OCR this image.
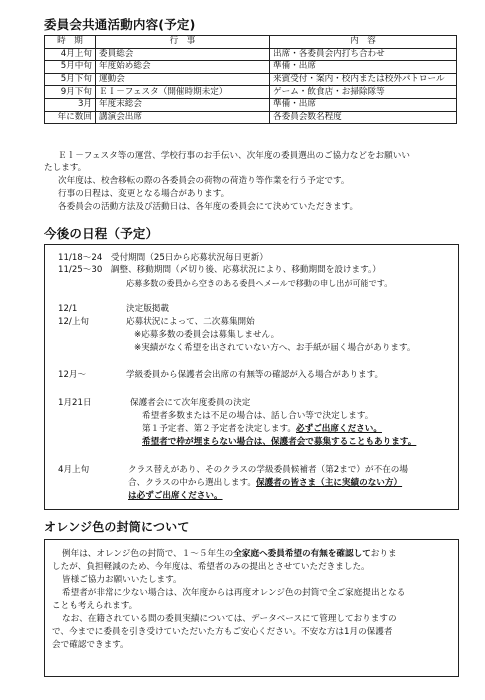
委員会共通活動内容(予定)
時　期	行　事	内　容
4月上旬	委員総会	出席・各委員会内打ち合わせ
5月中旬	年度始め総会	準備・出席
5月下旬	運動会	来賓受付・案内・校内または校外パトロール
9月下旬	ＥＩ－フェスタ（開催時期未定）	ゲーム・飲食店・お掃除隊等
3月	年度末総会	準備・出席
年に数回	講演会出席	各委員会数名程度
Ｅｌ－フェスタ等の運営、学校行事のお手伝い、次年度の委員選出のご協力などをお願いい
たします。
次年度は、校舎移転の際の各委員会の荷物の荷造り等作業を行う予定です。
行事の日程は、変更となる場合があります。
各委員会の活動方法及び活動日は、各年度の委員会にて決めていただきます。
今後の日程（予定）
11/18～24　受付期間（25日から応募状況毎日更新）
11/25～30　調整、移動期間（〆切り後、応募状況により、移動期間を設けます。）
応募多数の委員から空きのある委員へメールで移動の申し出が可能です。
12/1	決定版掲載
12/上旬	応募状況によって、二次募集開始
※応募多数の委員会は募集しません。
※実績がなく希望を出されていない方へ、お手紙が届く場合があります。
12月～	学級委員から保護者会出席の有無等の確認が入る場合があります。
1月21日	保護者会にて次年度委員の決定
希望者多数または不足の場合は、話し合い等で決定します。
第１予定者、第２予定者を決定します。必ずご出席ください。
希望者で枠が埋まらない場合は、保護者会で募集することもあります。
4月上旬	クラス替えがあり、そのクラスの学級委員候補者（第2まで）が不在の場
合、クラスの中から選出します。保護者の皆さま（主に実績のない方）
は必ずご出席ください。
オレンジ色の封筒について
例年は、オレンジ色の封筒で、１～５年生の全家庭へ委員希望の有無を確認しておりま
したが、負担軽減のため、今年度は、希望者のみの提出とさせていただきました。
皆様ご協力お願いいたします。
希望者が非常に少ない場合は、次年度からは再度オレンジ色の封筒で全ご家庭提出となる
ことも考えられます。
なお、在籍されている間の委員実績については、データベースにて管理しておりますの
で、今までに委員を引き受けていただいた方もご安心ください。不安な方は1月の保護者
会で確認できます。
